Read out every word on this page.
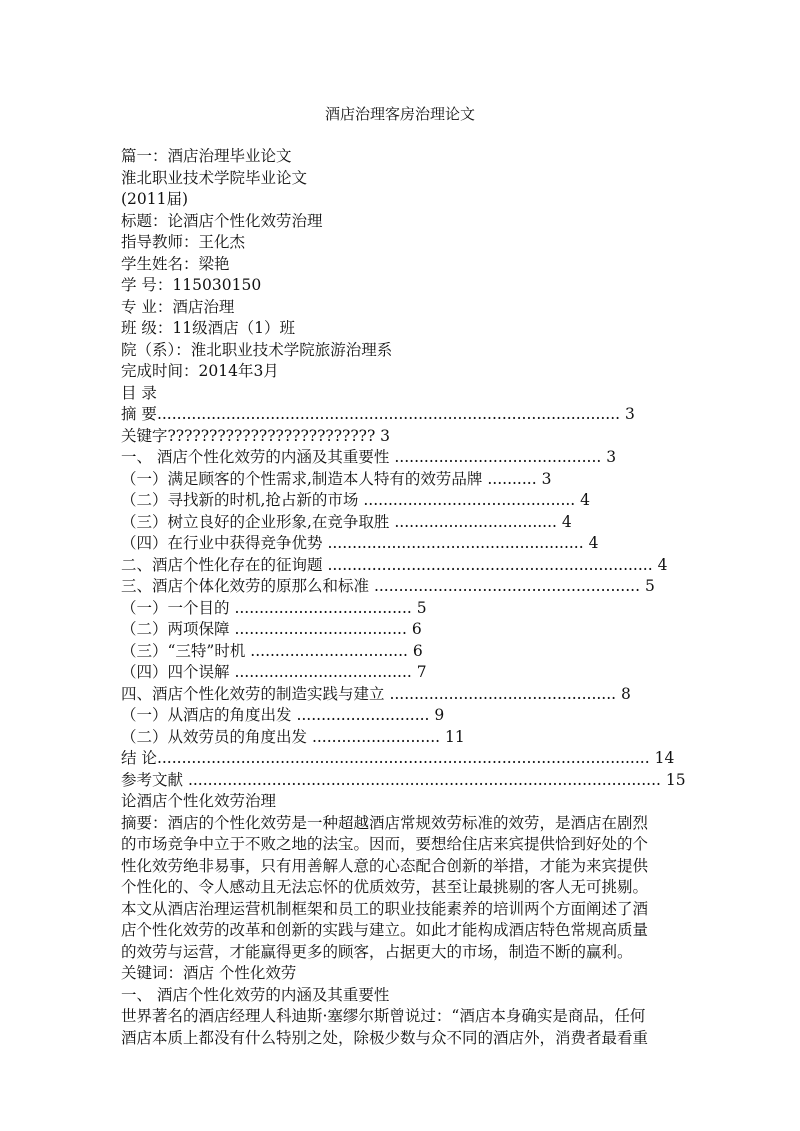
酒店治理客房治理论文
篇一：酒店治理毕业论文
淮北职业技术学院毕业论文
(2011届)
标题：论酒店个性化效劳治理
指导教师：王化杰
学生姓名：梁艳
学 号：115030150
专 业：酒店治理
班 级：11级酒店（1）班
院（系）：淮北职业技术学院旅游治理系
完成时间：2014年3月
目 录
摘 要.............................................................................................. 3
关键字????????????????????????? 3
一、 酒店个性化效劳的内涵及其重要性 .......................................... 3
（一）满足顾客的个性需求,制造本人特有的效劳品牌 .......... 3
（二）寻找新的时机,抢占新的市场 ........................................... 4
（三）树立良好的企业形象,在竞争取胜 ................................. 4
（四）在行业中获得竞争优势 .................................................... 4
二、酒店个性化存在的征询题 .................................................................. 4
三、酒店个体化效劳的原那么和标准 ...................................................... 5
（一）一个目的 .................................... 5
（二）两项保障 ................................... 6
（三）“三特”时机 ................................ 6
（四）四个误解 .................................... 7
四、酒店个性化效劳的制造实践与建立 .............................................. 8
（一）从酒店的角度出发 ........................... 9
（二）从效劳员的角度出发 .......................... 11
结 论.................................................................................................... 14
参考文献 ................................................................................................ 15
论酒店个性化效劳治理
摘要：酒店的个性化效劳是一种超越酒店常规效劳标准的效劳，是酒店在剧烈
的市场竞争中立于不败之地的法宝。因而，要想给住店来宾提供恰到好处的个
性化效劳绝非易事，只有用善解人意的心态配合创新的举措，才能为来宾提供
个性化的、令人感动且无法忘怀的优质效劳，甚至让最挑剔的客人无可挑剔。
本文从酒店治理运营机制框架和员工的职业技能素养的培训两个方面阐述了酒
店个性化效劳的改革和创新的实践与建立。如此才能构成酒店特色常规高质量
的效劳与运营，才能赢得更多的顾客，占据更大的市场，制造不断的赢利。
关键词：酒店 个性化效劳
一、 酒店个性化效劳的内涵及其重要性
世界著名的酒店经理人科迪斯·塞缪尔斯曾说过：“酒店本身确实是商品，任何
酒店本质上都没有什么特别之处，除极少数与众不同的酒店外，消费者最看重
